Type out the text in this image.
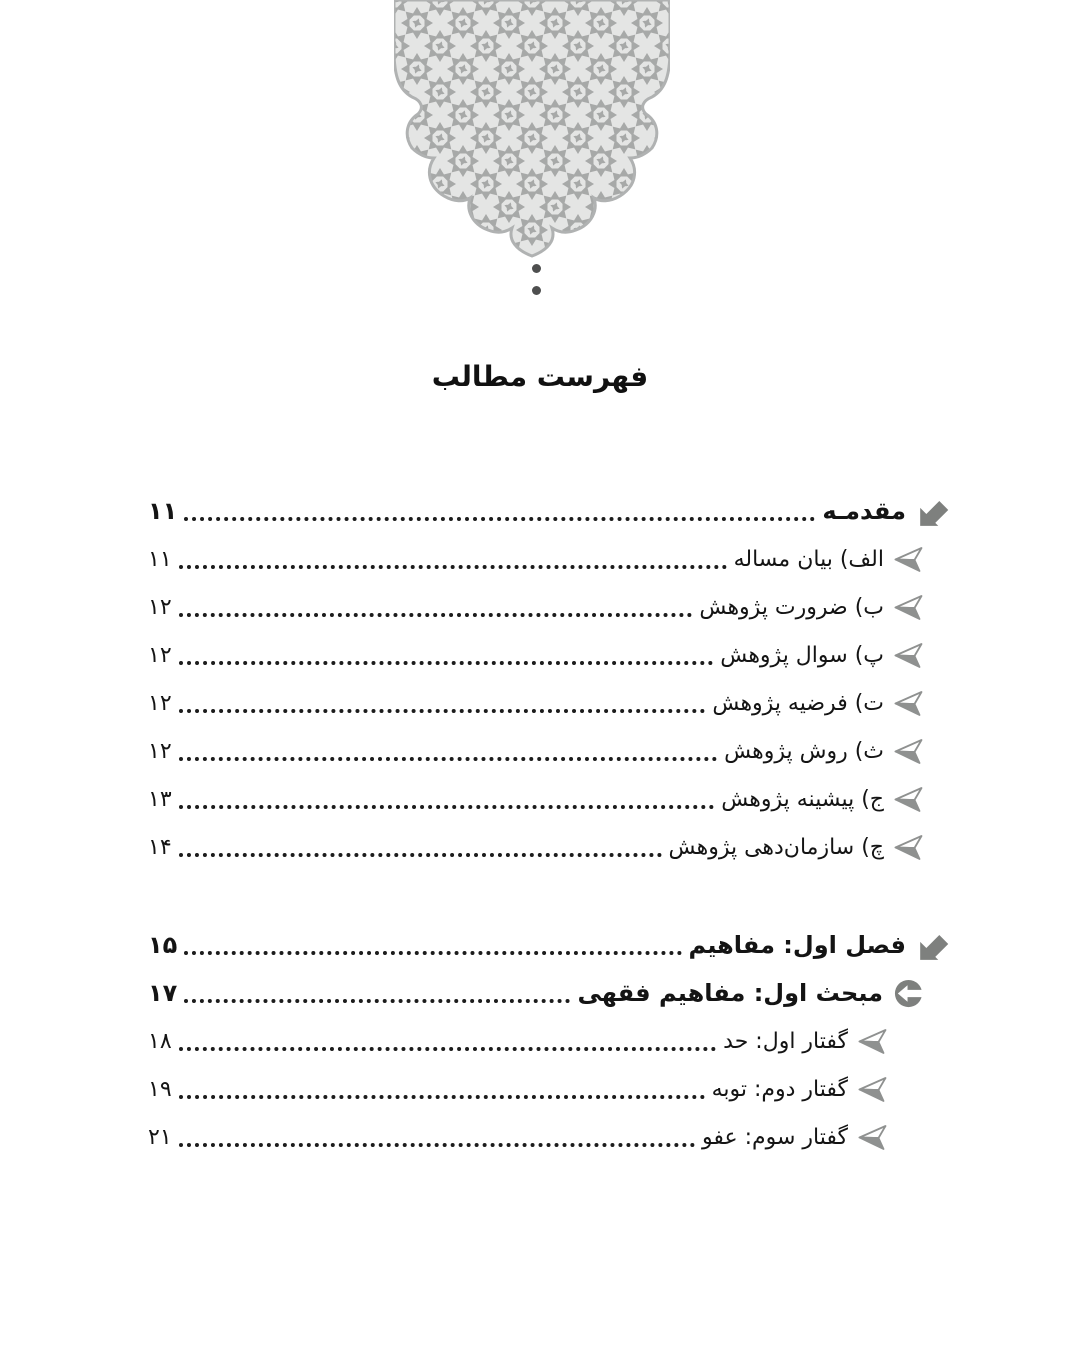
فهرست مطالب
مقدمـه
۱۱
الف) بیان مساله
۱۱
ب) ضرورت پژوهش
۱۲
پ) سوال پژوهش
۱۲
ت) فرضیه پژوهش
۱۲
ث) روش پژوهش
۱۲
ج) پیشینه پژوهش
۱۳
چ) سازمان‌دهی پژوهش
۱۴
فصل اول: مفاهیم
۱۵
مبحث اول: مفاهیم فقهی
۱۷
گفتار اول: حد
۱۸
گفتار دوم: توبه
۱۹
گفتار سوم: عفو
۲۱
